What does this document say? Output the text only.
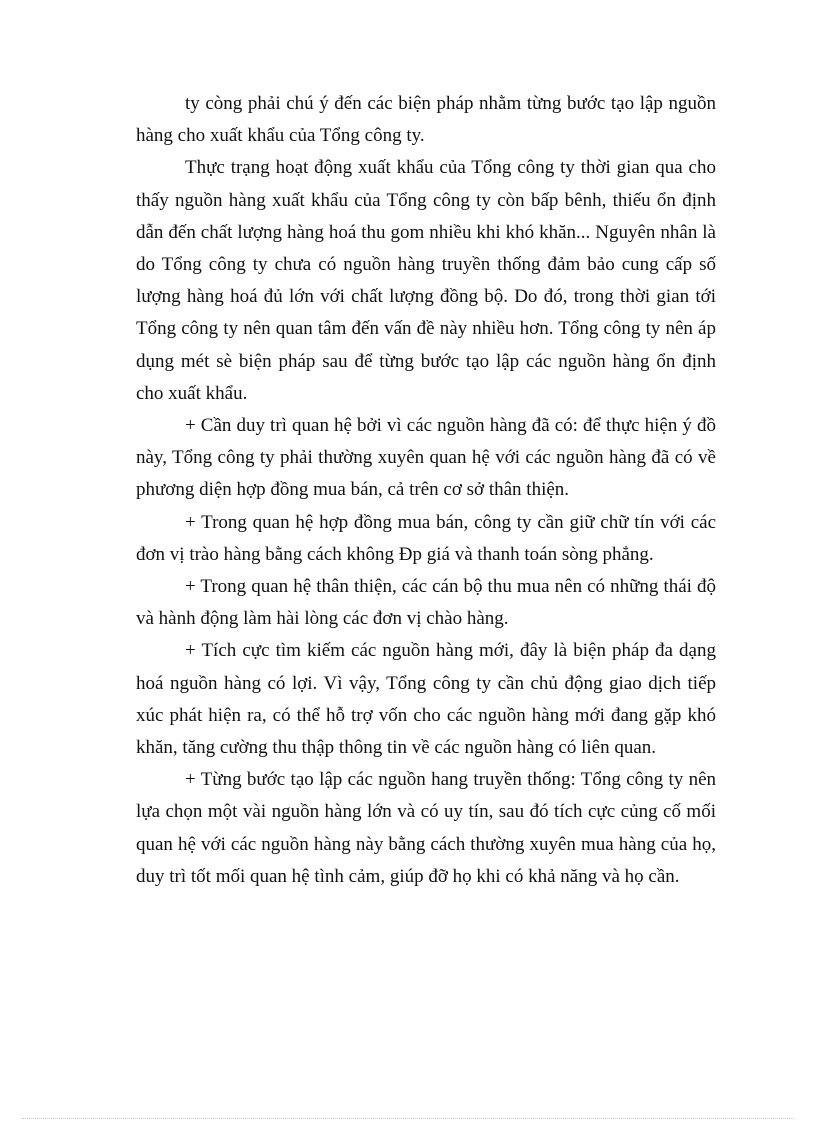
ty còng phải chú ý đến các biện pháp nhằm từng bước tạo lập nguồn hàng cho xuất khẩu của Tổng công ty.

Thực trạng hoạt động xuất khẩu của Tổng công ty thời gian qua cho thấy nguồn hàng xuất khẩu của Tổng công ty còn bấp bênh, thiếu ổn định dẫn đến chất lượng hàng hoá thu gom nhiều khi khó khăn... Nguyên nhân là do Tổng công ty chưa có nguồn hàng truyền thống đảm bảo cung cấp số lượng hàng hoá đủ lớn với chất lượng đồng bộ. Do đó, trong thời gian tới Tổng công ty nên quan tâm đến vấn đề này nhiều hơn. Tổng công ty nên áp dụng mét sè biện pháp sau để từng bước tạo lập các nguồn hàng ổn định cho xuất khẩu.

+ Cần duy trì quan hệ bởi vì các nguồn hàng đã có: để thực hiện ý đồ này, Tổng công ty phải thường xuyên quan hệ với các nguồn hàng đã có về phương diện hợp đồng mua bán, cả trên cơ sở thân thiện.

+ Trong quan hệ hợp đồng mua bán, công ty cần giữ chữ tín với các đơn vị trào hàng bằng cách không Ðp giá và thanh toán sòng phẳng.

+ Trong quan hệ thân thiện, các cán bộ thu mua nên có những thái độ và hành động làm hài lòng các đơn vị chào hàng.

+ Tích cực tìm kiếm các nguồn hàng mới, đây là biện pháp đa dạng hoá nguồn hàng có lợi. Vì vậy, Tổng công ty cần chủ động giao dịch tiếp xúc phát hiện ra, có thể hỗ trợ vốn cho các nguồn hàng mới đang gặp khó khăn, tăng cường thu thập thông tin về các nguồn hàng có liên quan.

+ Từng bước tạo lập các nguồn hang truyền thống: Tổng công ty nên lựa chọn một vài nguồn hàng lớn và có uy tín, sau đó tích cực củng cố mối quan hệ với các nguồn hàng này bằng cách thường xuyên mua hàng của họ, duy trì tốt mối quan hệ tình cảm, giúp đỡ họ khi có khả năng và họ cần.
